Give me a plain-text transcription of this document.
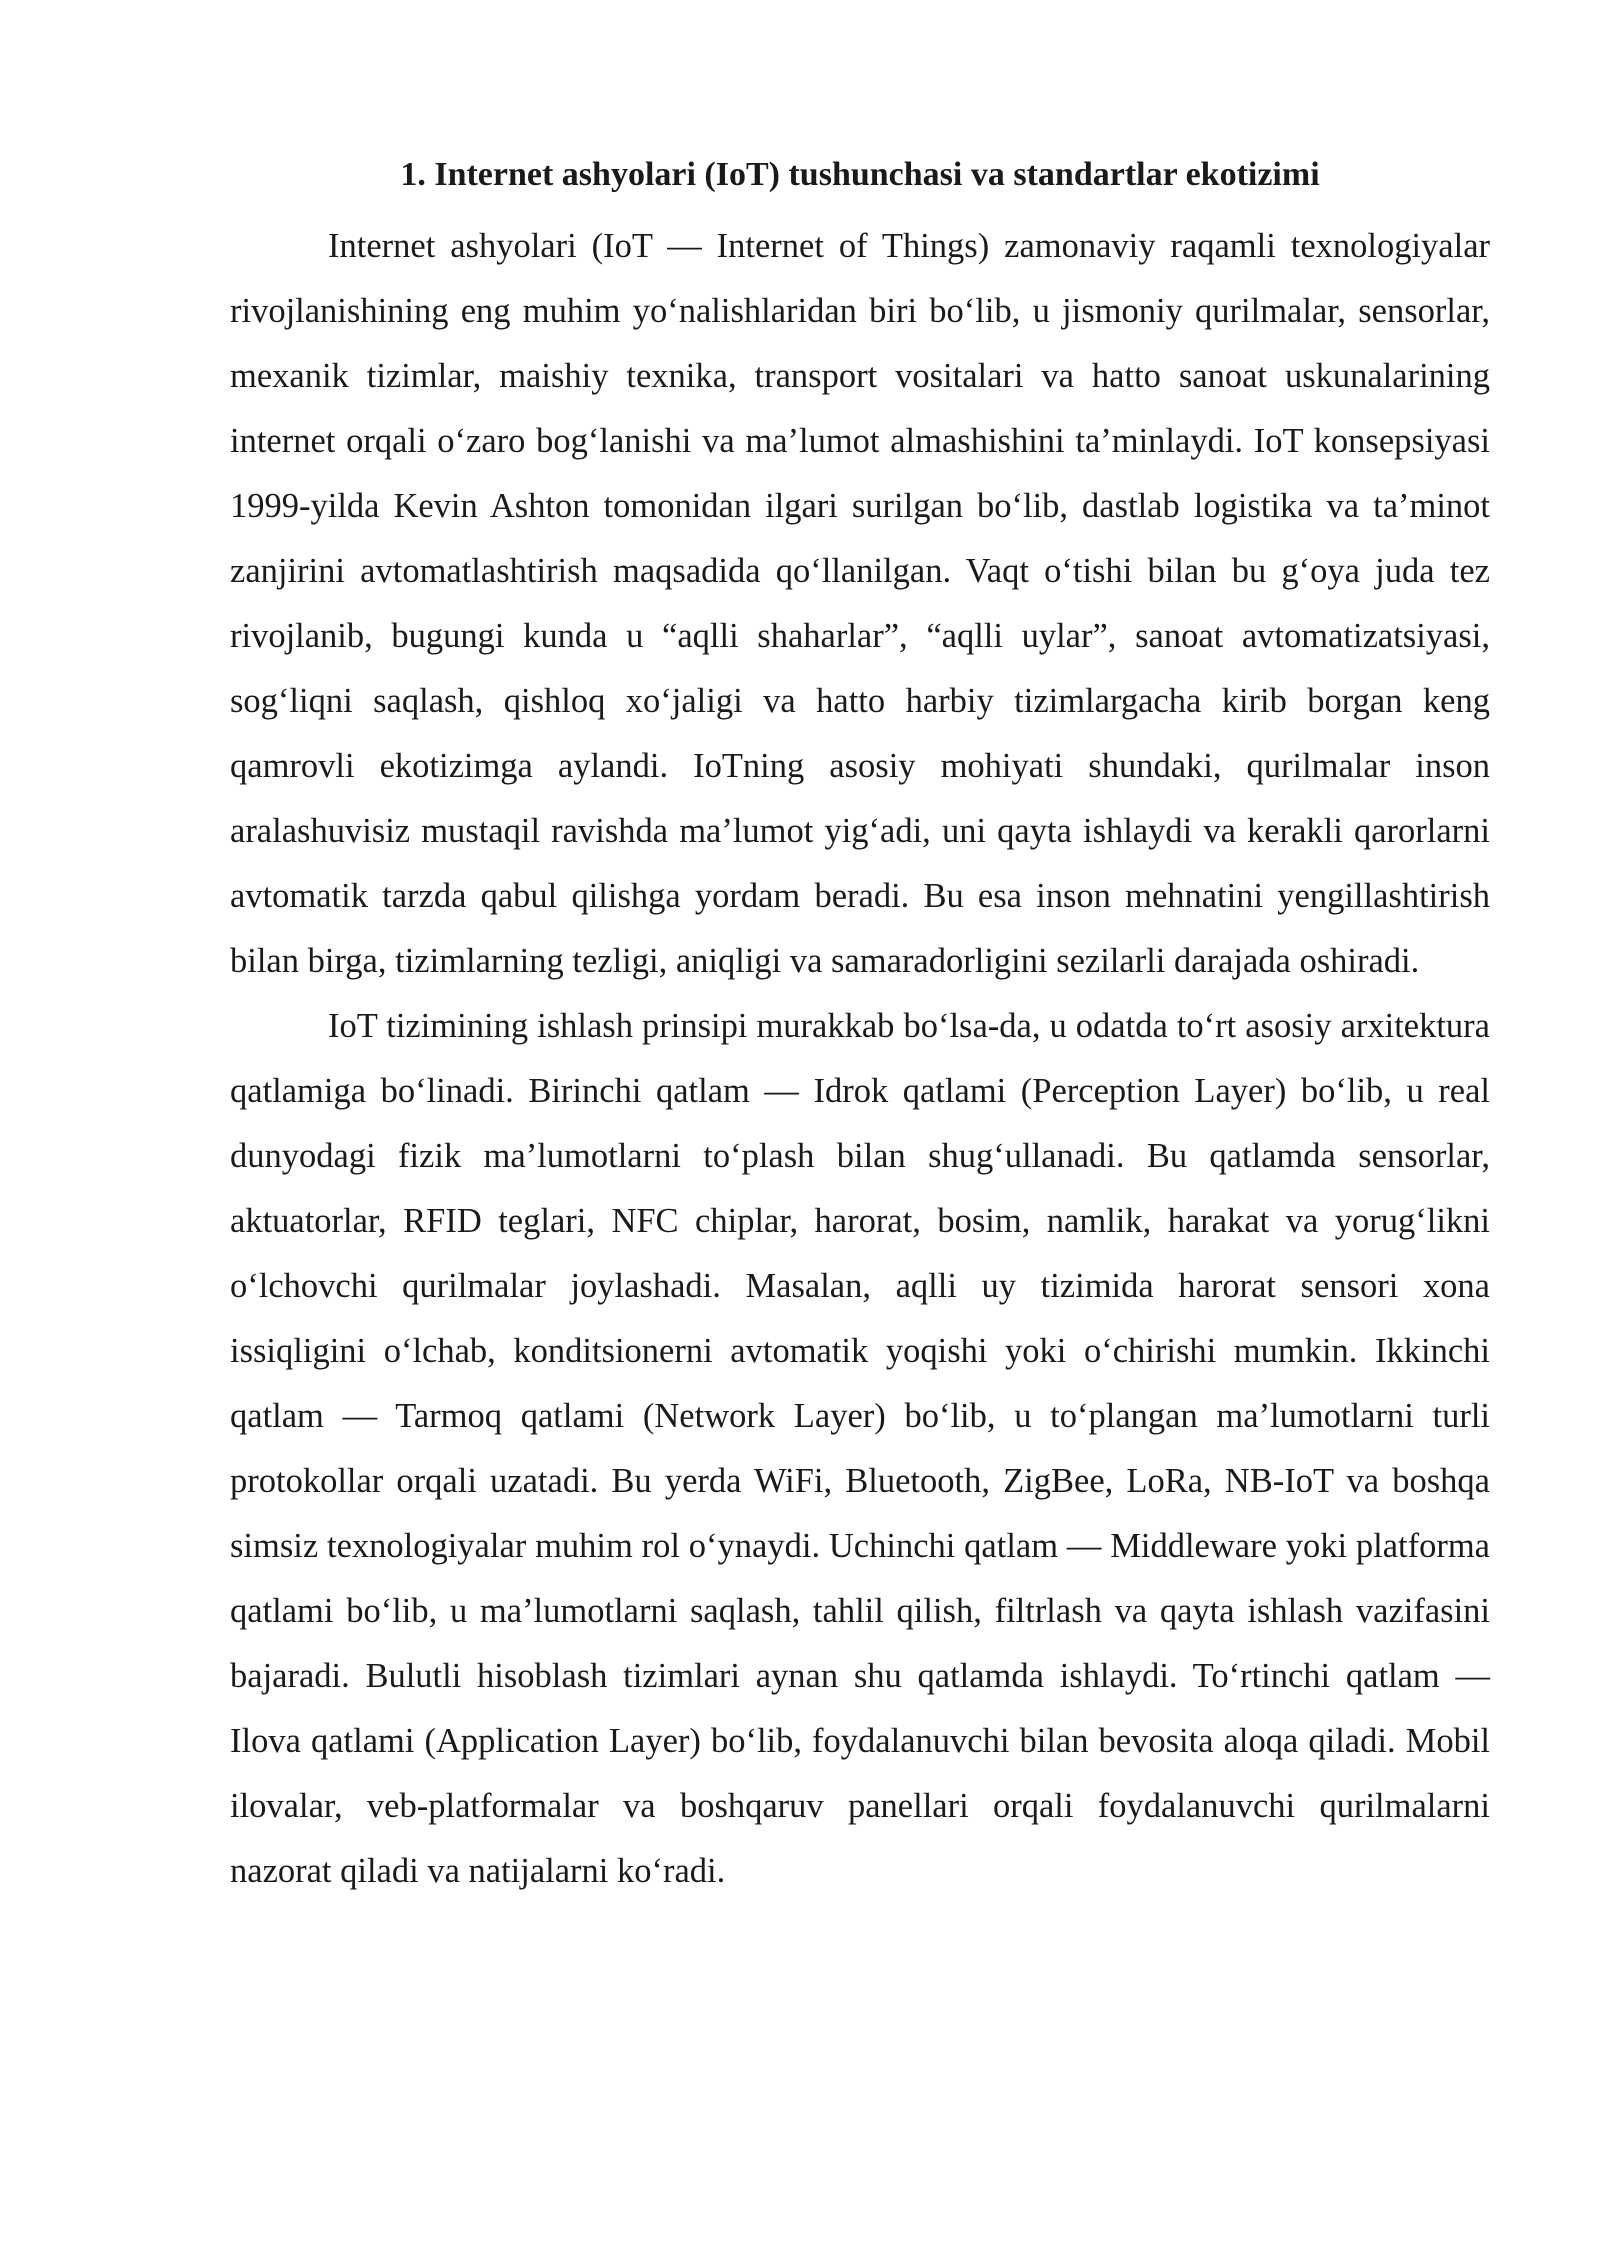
1. Internet ashyolari (IoT) tushunchasi va standartlar ekotizimi

Internet ashyolari (IoT — Internet of Things) zamonaviy raqamli texnologiyalar rivojlanishining eng muhim yo‘nalishlaridan biri bo‘lib, u jismoniy qurilmalar, sensorlar, mexanik tizimlar, maishiy texnika, transport vositalari va hatto sanoat uskunalarining internet orqali o‘zaro bog‘lanishi va ma’lumot almashishini ta’minlaydi. IoT konsepsiyasi 1999-yilda Kevin Ashton tomonidan ilgari surilgan bo‘lib, dastlab logistika va ta’minot zanjirini avtomatlashtirish maqsadida qo‘llanilgan. Vaqt o‘tishi bilan bu g‘oya juda tez rivojlanib, bugungi kunda u “aqlli shaharlar”, “aqlli uylar”, sanoat avtomatizatsiyasi, sog‘liqni saqlash, qishloq xo‘jaligi va hatto harbiy tizimlargacha kirib borgan keng qamrovli ekotizimga aylandi. IoTning asosiy mohiyati shundaki, qurilmalar inson aralashuvisiz mustaqil ravishda ma’lumot yig‘adi, uni qayta ishlaydi va kerakli qarorlarni avtomatik tarzda qabul qilishga yordam beradi. Bu esa inson mehnatini yengillashtirish bilan birga, tizimlarning tezligi, aniqligi va samaradorligini sezilarli darajada oshiradi.

IoT tizimining ishlash prinsipi murakkab bo‘lsa-da, u odatda to‘rt asosiy arxitektura qatlamiga bo‘linadi. Birinchi qatlam — Idrok qatlami (Perception Layer) bo‘lib, u real dunyodagi fizik ma’lumotlarni to‘plash bilan shug‘ullanadi. Bu qatlamda sensorlar, aktuatorlar, RFID teglari, NFC chiplar, harorat, bosim, namlik, harakat va yorug‘likni o‘lchovchi qurilmalar joylashadi. Masalan, aqlli uy tizimida harorat sensori xona issiqligini o‘lchab, konditsionerni avtomatik yoqishi yoki o‘chirishi mumkin. Ikkinchi qatlam — Tarmoq qatlami (Network Layer) bo‘lib, u to‘plangan ma’lumotlarni turli protokollar orqali uzatadi. Bu yerda WiFi, Bluetooth, ZigBee, LoRa, NB-IoT va boshqa simsiz texnologiyalar muhim rol o‘ynaydi. Uchinchi qatlam — Middleware yoki platforma qatlami bo‘lib, u ma’lumotlarni saqlash, tahlil qilish, filtrlash va qayta ishlash vazifasini bajaradi. Bulutli hisoblash tizimlari aynan shu qatlamda ishlaydi. To‘rtinchi qatlam — Ilova qatlami (Application Layer) bo‘lib, foydalanuvchi bilan bevosita aloqa qiladi. Mobil ilovalar, veb-platformalar va boshqaruv panellari orqali foydalanuvchi qurilmalarni nazorat qiladi va natijalarni ko‘radi.
